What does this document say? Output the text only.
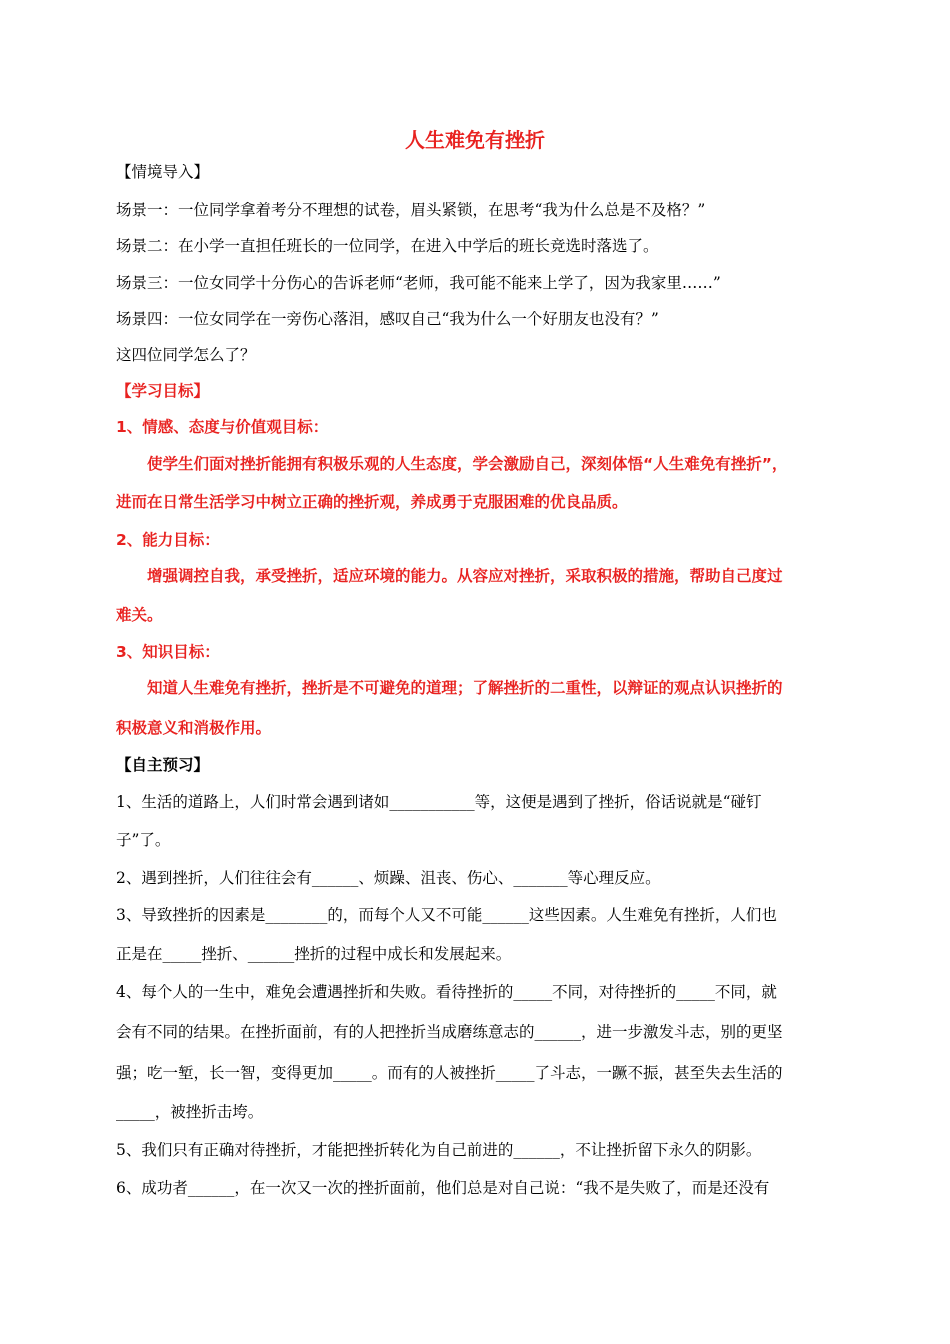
人生难免有挫折
【情境导入】
场景一：一位同学拿着考分不理想的试卷，眉头紧锁，在思考“我为什么总是不及格？”
场景二：在小学一直担任班长的一位同学，在进入中学后的班长竞选时落选了。
场景三：一位女同学十分伤心的告诉老师“老师，我可能不能来上学了，因为我家里……”
场景四：一位女同学在一旁伤心落泪，感叹自己“我为什么一个好朋友也没有？”
这四位同学怎么了？
【学习目标】
1、情感、态度与价值观目标：
使学生们面对挫折能拥有积极乐观的人生态度，学会激励自己，深刻体悟“人生难免有挫折”，
进而在日常生活学习中树立正确的挫折观，养成勇于克服困难的优良品质。
2、能力目标：
增强调控自我，承受挫折，适应环境的能力。从容应对挫折，采取积极的措施，帮助自己度过
难关。
3、知识目标：
知道人生难免有挫折，挫折是不可避免的道理；了解挫折的二重性，以辩证的观点认识挫折的
积极意义和消极作用。
【自主预习】
1、生活的道路上，人们时常会遇到诸如___________等，这便是遇到了挫折，俗话说就是“碰钉
子”了。
2、遇到挫折，人们往往会有______、烦躁、沮丧、伤心、_______等心理反应。
3、导致挫折的因素是________的，而每个人又不可能______这些因素。人生难免有挫折，人们也
正是在_____挫折、______挫折的过程中成长和发展起来。
4、每个人的一生中，难免会遭遇挫折和失败。看待挫折的_____不同，对待挫折的_____不同，就
会有不同的结果。在挫折面前，有的人把挫折当成磨练意志的______，进一步激发斗志，别的更坚
强；吃一堑，长一智，变得更加_____。而有的人被挫折_____了斗志，一蹶不振，甚至失去生活的
_____，被挫折击垮。
5、我们只有正确对待挫折，才能把挫折转化为自己前进的______，不让挫折留下永久的阴影。
6、成功者______，在一次又一次的挫折面前，他们总是对自己说：“我不是失败了，而是还没有
